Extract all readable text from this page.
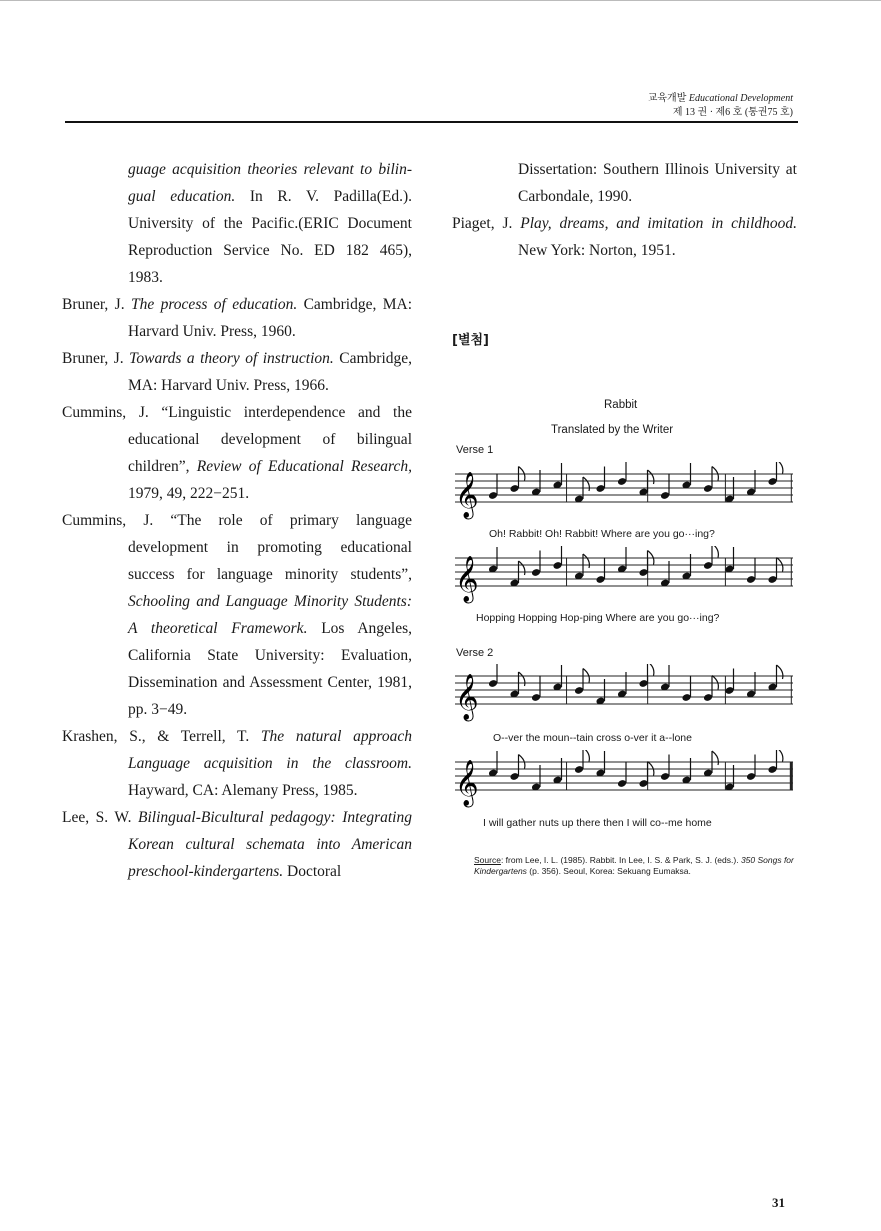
교육개발 Educational Development
제 13 권 · 제6 호 (통권75 호)

guage acquisition theories relevant to bilin-gual education. In R. V. Padilla(Ed.). University of the Pacific.(ERIC Document Reproduction Service No. ED 182 465), 1983.

Bruner, J. The process of education. Cambridge, MA: Harvard Univ. Press, 1960.

Bruner, J. Towards a theory of instruction. Cambridge, MA: Harvard Univ. Press, 1966.

Cummins, J. “Linguistic interdependence and the educational development of bilingual children”, Review of Educational Research, 1979, 49, 222−251.

Cummins, J. “The role of primary language development in promoting educational success for language minority students”, Schooling and Language Minority Students: A theoretical Framework. Los Angeles, California State University: Evaluation, Dissemination and Assessment Center, 1981, pp. 3−49.

Krashen, S., & Terrell, T. The natural approach Language acquisition in the classroom. Hayward, CA: Alemany Press, 1985.

Lee, S. W. Bilingual-Bicultural pedagogy: Integrating Korean cultural schemata into American preschool-kindergartens. Doctoral

Dissertation: Southern Illinois University at Carbondale, 1990.

Piaget, J. Play, dreams, and imitation in childhood. New York: Norton, 1951.

[별첨]
Rabbit
Translated by the Writer
Verse 1
𝄞
Oh! Rabbit! Oh! Rabbit! Where are you go···ing?
𝄞
Hopping Hopping Hop-ping Where are you go···ing?
Verse 2
𝄞
O--ver the moun--tain cross o-ver it a--lone
𝄞
I will gather nuts up there then I will co--me home
Source: from Lee, I. L. (1985). Rabbit. In Lee, I. S. & Park, S. J. (eds.). 350 Songs for Kindergartens (p. 356). Seoul, Korea: Sekuang Eumaksa.
31
